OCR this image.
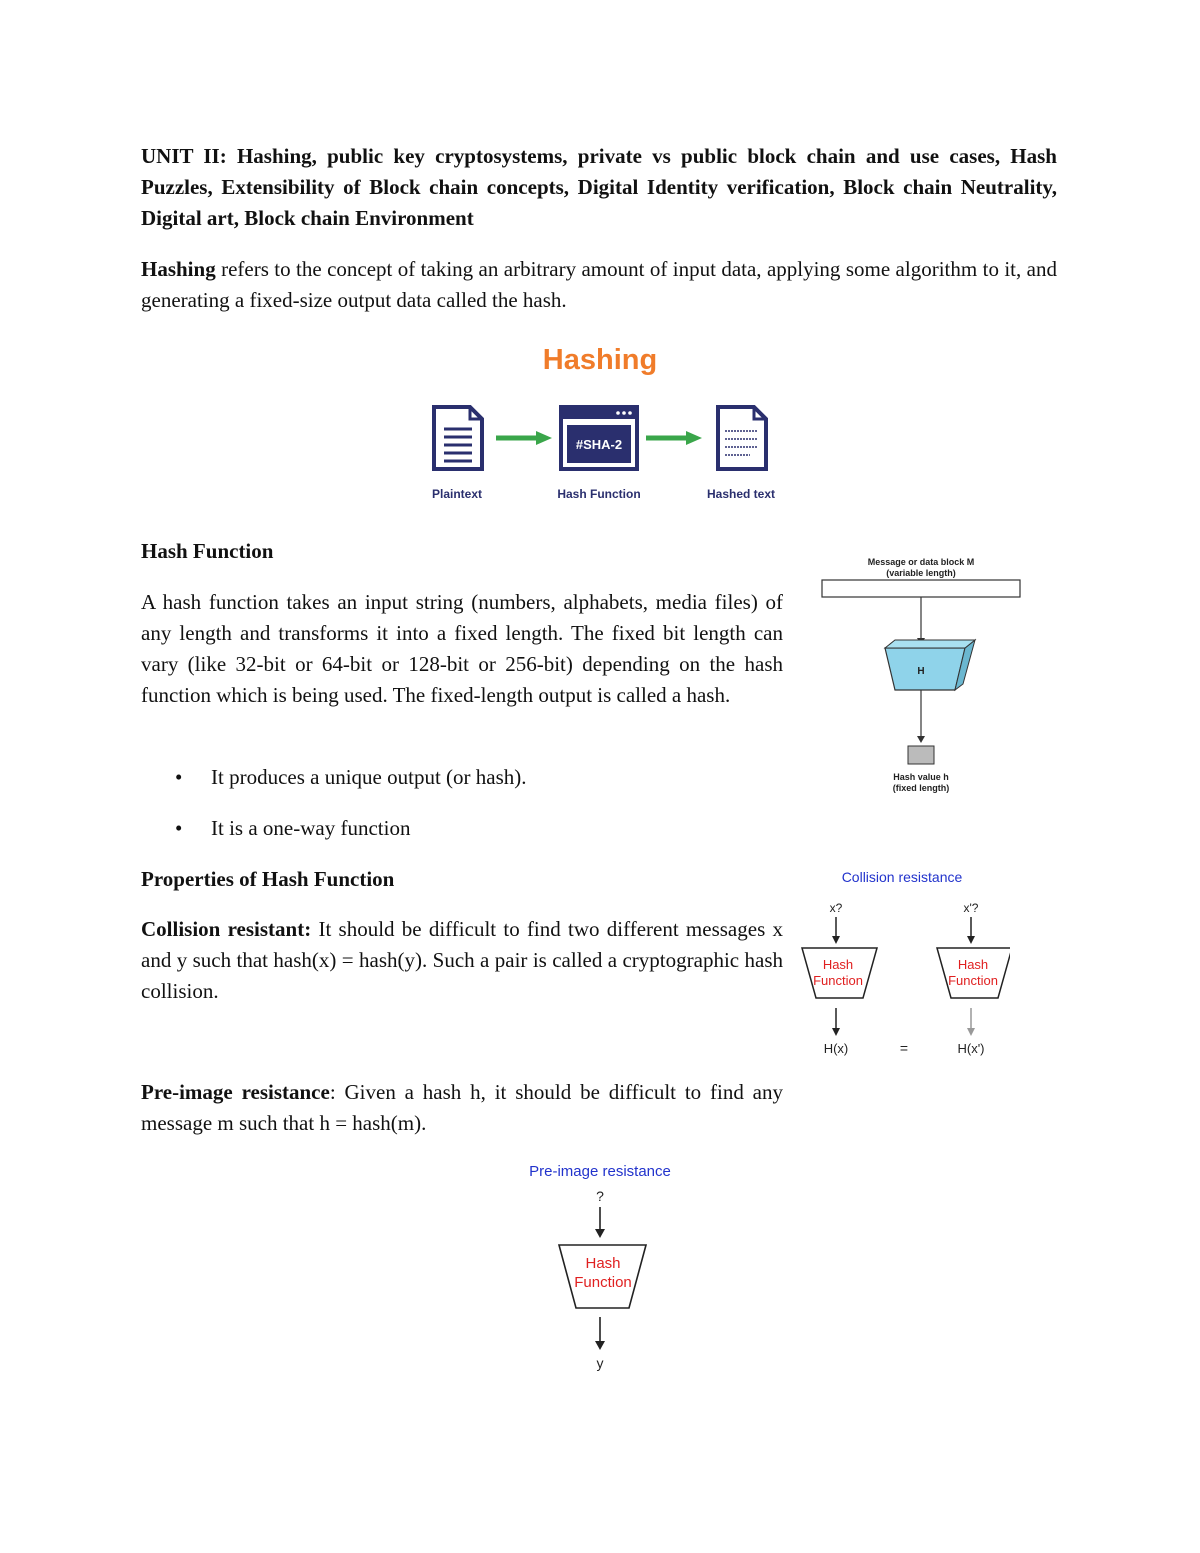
UNIT II: Hashing, public key cryptosystems, private vs public block chain and use cases, Hash Puzzles, Extensibility of Block chain concepts, Digital Identity verification, Block chain Neutrality, Digital art, Block chain Environment
Hashing refers to the concept of taking an arbitrary amount of input data, applying some algorithm to it, and generating a fixed-size output data called the hash.
Hashing
#SHA-2
Plaintext	Hash Function	Hashed text
Hash Function
A hash function takes an input string (numbers, alphabets, media files) of any length and transforms it into a fixed length. The fixed bit length can vary (like 32-bit or 64-bit or 128-bit or 256-bit) depending on the hash function which is being used. The fixed-length output is called a hash.
• It produces a unique output (or hash).
• It is a one-way function
Message or data block M
(variable length)
H
Hash value h
(fixed length)
Properties of Hash Function
Collision resistant: It should be difficult to find two different messages x and y such that hash(x) = hash(y). Such a pair is called a cryptographic hash collision.
Collision resistance
x?	x'?
Hash
Function
Hash
Function
H(x)	=	H(x')
Pre-image resistance: Given a hash h, it should be difficult to find any message m such that h = hash(m).
Pre-image resistance
?
Hash
Function
y
